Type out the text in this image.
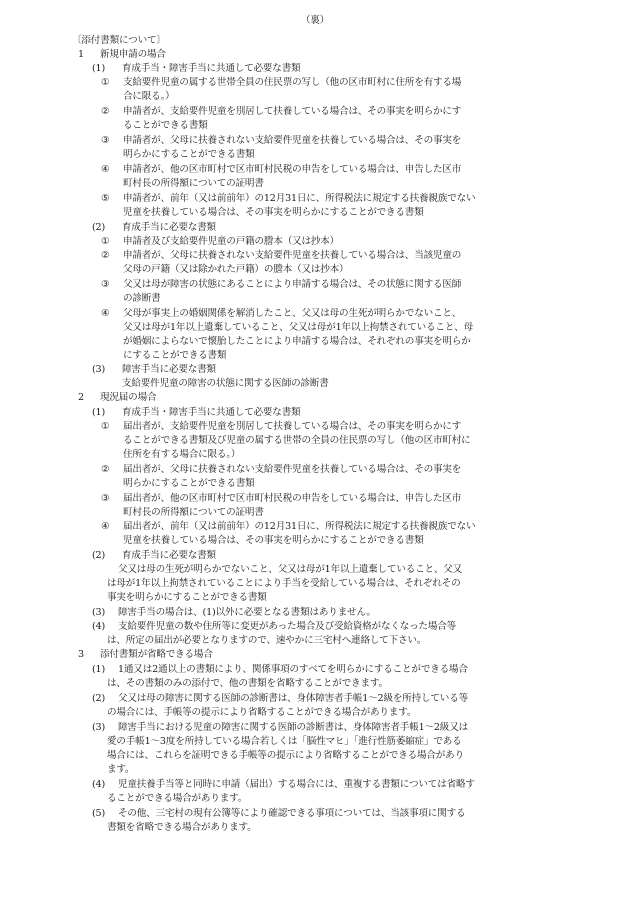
（裏）
〔添付書類について〕
1 新規申請の場合
(1) 育成手当・障害手当に共通して必要な書類
① 支給要件児童の属する世帯全員の住民票の写し（他の区市町村に住所を有する場
合に限る。）
② 申請者が、支給要件児童を別居して扶養している場合は、その事実を明らかにす
ることができる書類
③ 申請者が、父母に扶養されない支給要件児童を扶養している場合は、その事実を
明らかにすることができる書類
④ 申請者が、他の区市町村で区市町村民税の申告をしている場合は、申告した区市
町村長の所得額についての証明書
⑤ 申請者が、前年（又は前前年）の12月31日に、所得税法に規定する扶養親族でない
児童を扶養している場合は、その事実を明らかにすることができる書類
(2) 育成手当に必要な書類
① 申請者及び支給要件児童の戸籍の謄本（又は抄本）
② 申請者が、父母に扶養されない支給要件児童を扶養している場合は、当該児童の
父母の戸籍（又は除かれた戸籍）の謄本（又は抄本）
③ 父又は母が障害の状態にあることにより申請する場合は、その状態に関する医師
の診断書
④ 父母が事実上の婚姻関係を解消したこと、父又は母の生死が明らかでないこと、
父又は母が1年以上遺棄していること、父又は母が1年以上拘禁されていること、母
が婚姻によらないで懐胎したことにより申請する場合は、それぞれの事実を明らか
にすることができる書類
(3) 障害手当に必要な書類
支給要件児童の障害の状態に関する医師の診断書
2 現況届の場合
(1) 育成手当・障害手当に共通して必要な書類
① 届出者が、支給要件児童を別居して扶養している場合は、その事実を明らかにす
ることができる書類及び児童の属する世帯の全員の住民票の写し（他の区市町村に
住所を有する場合に限る。）
② 届出者が、父母に扶養されない支給要件児童を扶養している場合は、その事実を
明らかにすることができる書類
③ 届出者が、他の区市町村で区市町村民税の申告をしている場合は、申告した区市
町村長の所得額についての証明書
④ 届出者が、前年（又は前前年）の12月31日に、所得税法に規定する扶養親族でない
児童を扶養している場合は、その事実を明らかにすることができる書類
(2) 育成手当に必要な書類
父又は母の生死が明らかでないこと、父又は母が1年以上遺棄していること、父又
は母が1年以上拘禁されていることにより手当を受給している場合は、それぞれその
事実を明らかにすることができる書類
(3) 障害手当の場合は、(1)以外に必要となる書類はありません。
(4) 支給要件児童の数や住所等に変更があった場合及び受給資格がなくなった場合等
は、所定の届出が必要となりますので、速やかに三宅村へ連絡して下さい。
3 添付書類が省略できる場合
(1) 1通又は2通以上の書類により、関係事項のすべてを明らかにすることができる場合
は、その書類のみの添付で、他の書類を省略することができます。
(2) 父又は母の障害に関する医師の診断書は、身体障害者手帳1～2級を所持している等
の場合には、手帳等の提示により省略することができる場合があります。
(3) 障害手当における児童の障害に関する医師の診断書は、身体障害者手帳1～2級又は
愛の手帳1～3度を所持している場合若しくは「脳性マヒ」「進行性筋萎縮症」である
場合には、これらを証明できる手帳等の提示により省略することができる場合があり
ます。
(4) 児童扶養手当等と同時に申請（届出）する場合には、重複する書類については省略す
ることができる場合があります。
(5) その他、三宅村の現有公簿等により確認できる事項については、当該事項に関する
書類を省略できる場合があります。
